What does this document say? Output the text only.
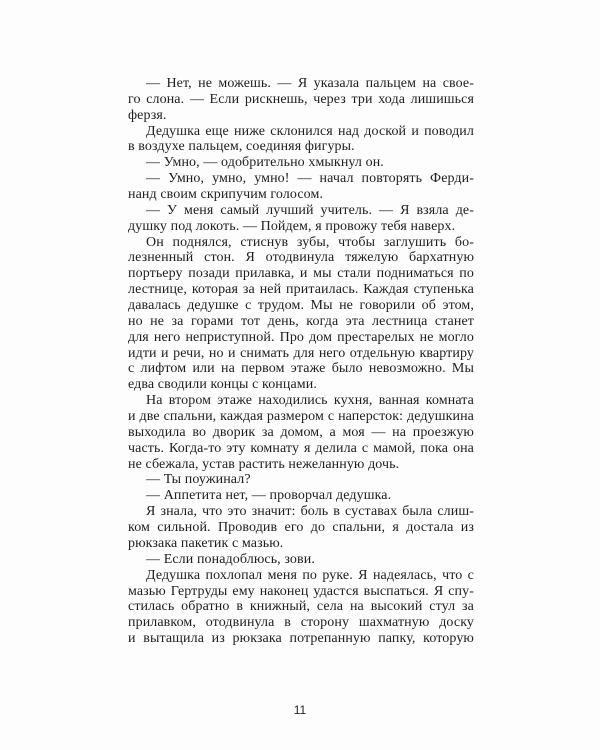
— Нет, не можешь. — Я указала пальцем на свое-
го слона. — Если рискнешь, через три хода лишишься
ферзя.
Дедушка еще ниже склонился над доской и поводил
в воздухе пальцем, соединяя фигуры.
— Умно, — одобрительно хмыкнул он.
— Умно, умно, умно! — начал повторять Ферди-
нанд своим скрипучим голосом.
— У меня самый лучший учитель. — Я взяла де-
душку под локоть. — Пойдем, я провожу тебя наверх.
Он поднялся, стиснув зубы, чтобы заглушить бо-
лезненный стон. Я отодвинула тяжелую бархатную
портьеру позади прилавка, и мы стали подниматься по
лестнице, которая за ней притаилась. Каждая ступенька
давалась дедушке с трудом. Мы не говорили об этом,
но не за горами тот день, когда эта лестница станет
для него неприступной. Про дом престарелых не могло
идти и речи, но и снимать для него отдельную квартиру
с лифтом или на первом этаже было невозможно. Мы
едва сводили концы с концами.
На втором этаже находились кухня, ванная комната
и две спальни, каждая размером с наперсток: дедушкина
выходила во дворик за домом, а моя — на проезжую
часть. Когда-то эту комнату я делила с мамой, пока она
не сбежала, устав растить нежеланную дочь.
— Ты поужинал?
— Аппетита нет, — проворчал дедушка.
Я знала, что это значит: боль в суставах была слиш-
ком сильной. Проводив его до спальни, я достала из
рюкзака пакетик с мазью.
— Если понадоблюсь, зови.
Дедушка похлопал меня по руке. Я надеялась, что с
мазью Гертруды ему наконец удастся выспаться. Я спу-
стилась обратно в книжный, села на высокий стул за
прилавком, отодвинула в сторону шахматную доску
и вытащила из рюкзака потрепанную папку, которую
11
